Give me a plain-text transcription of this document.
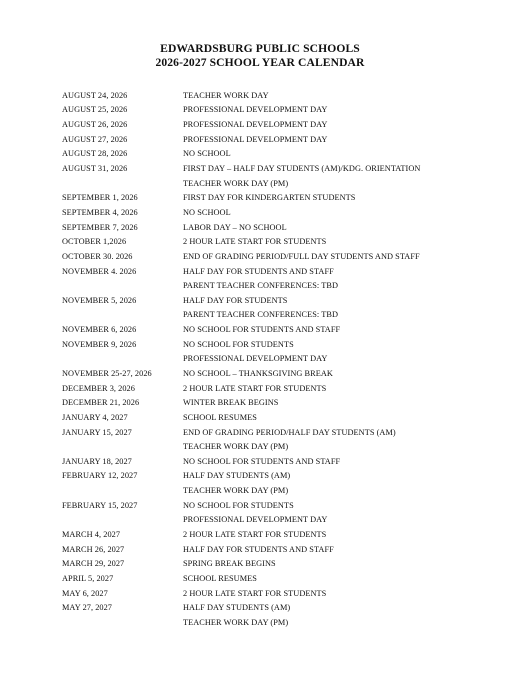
EDWARDSBURG PUBLIC SCHOOLS
2026-2027 SCHOOL YEAR CALENDAR
AUGUST 24, 2026	TEACHER WORK DAY
AUGUST 25, 2026	PROFESSIONAL DEVELOPMENT DAY
AUGUST 26, 2026	PROFESSIONAL DEVELOPMENT DAY
AUGUST 27, 2026	PROFESSIONAL DEVELOPMENT DAY
AUGUST 28, 2026	NO SCHOOL
AUGUST 31, 2026	FIRST DAY – HALF DAY STUDENTS (AM)/KDG. ORIENTATION
TEACHER WORK DAY (PM)
SEPTEMBER 1, 2026	FIRST DAY FOR KINDERGARTEN STUDENTS
SEPTEMBER 4, 2026	NO SCHOOL
SEPTEMBER 7, 2026	LABOR DAY – NO SCHOOL
OCTOBER 1,2026	2 HOUR LATE START FOR STUDENTS
OCTOBER 30. 2026	END OF GRADING PERIOD/FULL DAY STUDENTS AND STAFF
NOVEMBER 4. 2026	HALF DAY FOR STUDENTS AND STAFF
PARENT TEACHER CONFERENCES: TBD
NOVEMBER 5, 2026	HALF DAY FOR STUDENTS
PARENT TEACHER CONFERENCES: TBD
NOVEMBER 6, 2026	NO SCHOOL FOR STUDENTS AND STAFF
NOVEMBER 9, 2026	NO SCHOOL FOR STUDENTS
PROFESSIONAL DEVELOPMENT DAY
NOVEMBER 25-27, 2026	NO SCHOOL – THANKSGIVING BREAK
DECEMBER 3, 2026	2 HOUR LATE START FOR STUDENTS
DECEMBER 21, 2026	WINTER BREAK BEGINS
JANUARY 4, 2027	SCHOOL RESUMES
JANUARY 15, 2027	END OF GRADING PERIOD/HALF DAY STUDENTS (AM)
TEACHER WORK DAY (PM)
JANUARY 18, 2027	NO SCHOOL FOR STUDENTS AND STAFF
FEBRUARY 12, 2027	HALF DAY STUDENTS (AM)
TEACHER WORK DAY (PM)
FEBRUARY 15, 2027	NO SCHOOL FOR STUDENTS
PROFESSIONAL DEVELOPMENT DAY
MARCH 4, 2027	2 HOUR LATE START FOR STUDENTS
MARCH 26, 2027	HALF DAY FOR STUDENTS AND STAFF
MARCH 29, 2027	SPRING BREAK BEGINS
APRIL 5, 2027	SCHOOL RESUMES
MAY 6, 2027	2 HOUR LATE START FOR STUDENTS
MAY 27, 2027	HALF DAY STUDENTS (AM)
TEACHER WORK DAY (PM)
